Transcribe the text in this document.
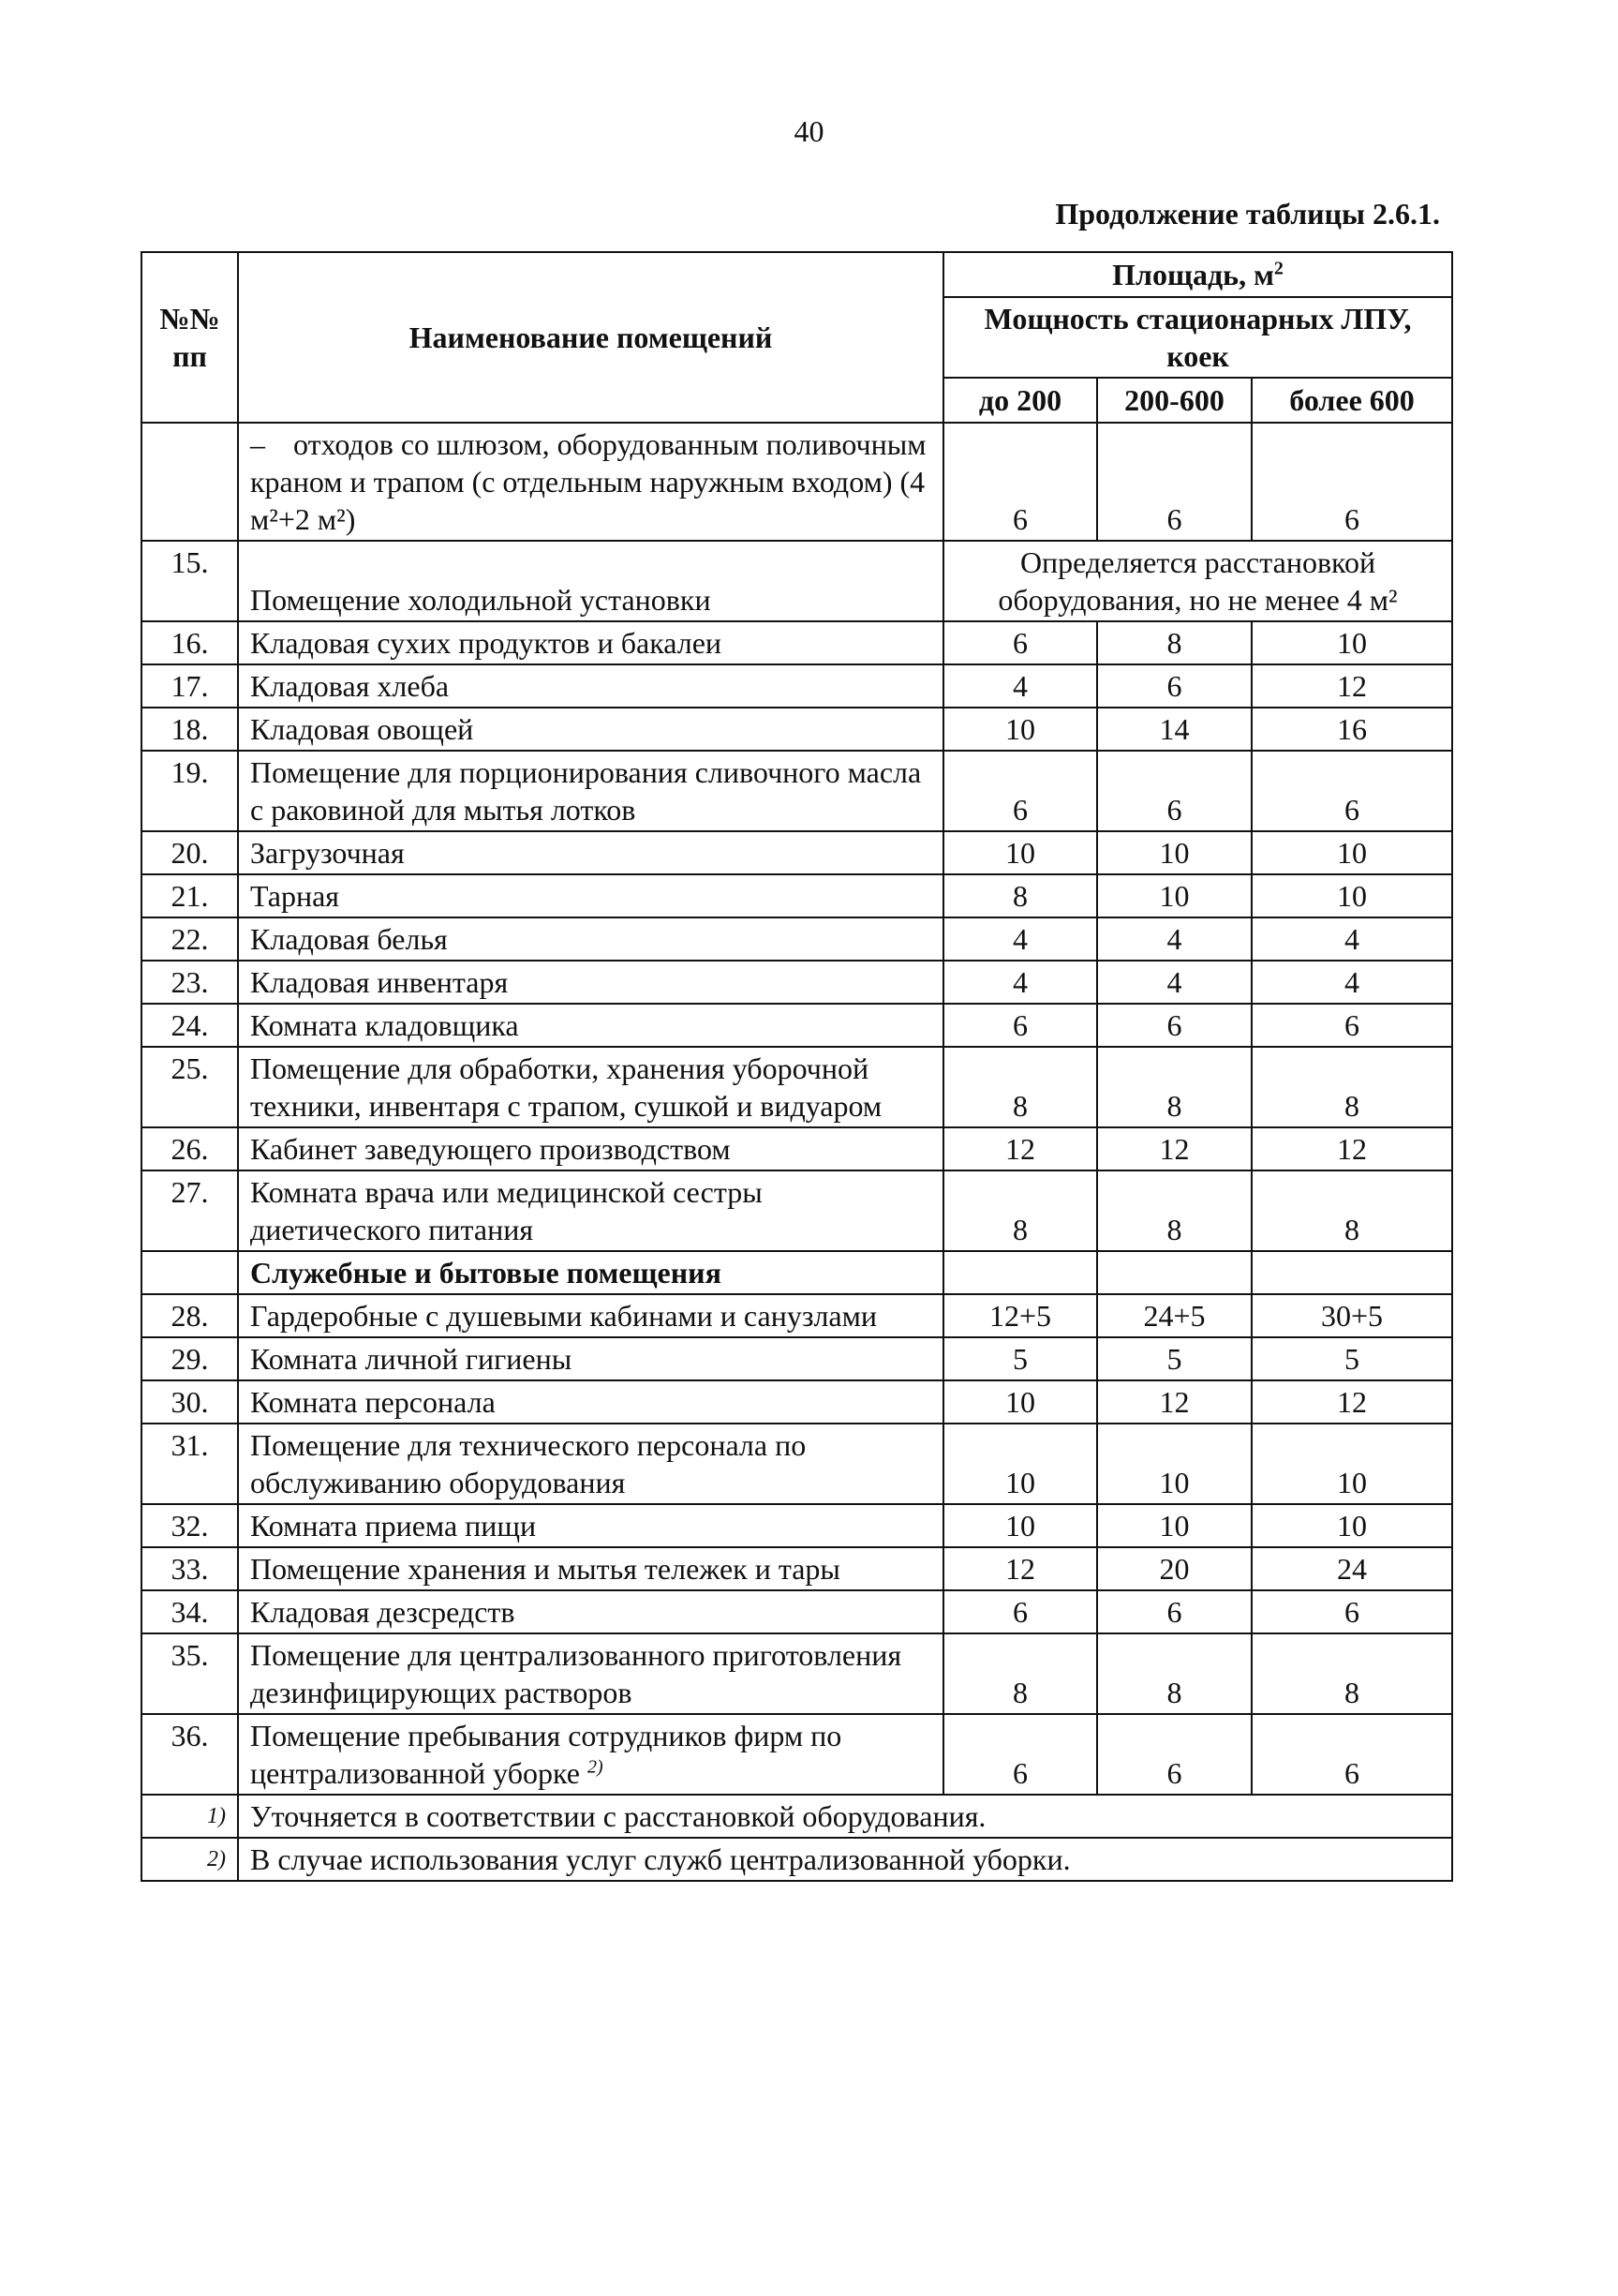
40
Продолжение таблицы 2.6.1.
№№ пп	Наименование помещений	Площадь, $м^2$
		Мощность стационарных ЛПУ, коек		
		до 200	200-600	более 600
	– отходов со шлюзом, оборудованным поливочным краном и трапом (с отдельным наружным входом) (4 м²+2 м²)	6	6	6
15.	Помещение холодильной установки	Определяется расстановкой оборудования, но не менее 4 м²		
16.	Кладовая сухих продуктов и бакалеи	6	8	10
17.	Кладовая хлеба	4	6	12
18.	Кладовая овощей	10	14	16
19.	Помещение для порционирования сливочного масла с раковиной для мытья лотков	6	6	6
20.	Загрузочная	10	10	10
21.	Тарная	8	10	10
22.	Кладовая белья	4	4	4
23.	Кладовая инвентаря	4	4	4
24.	Комната кладовщика	6	6	6
25.	Помещение для обработки, хранения уборочной техники, инвентаря с трапом, сушкой и видуаром	8	8	8
26.	Кабинет заведующего производством	12	12	12
27.	Комната врача или медицинской сестры диетического питания	8	8	8
	Служебные и бытовые помещения			
28.	Гардеробные с душевыми кабинами и санузлами	12+5	24+5	30+5
29.	Комната личной гигиены	5	5	5
30.	Комната персонала	10	12	12
31.	Помещение для технического персонала по обслуживанию оборудования	10	10	10
32.	Комната приема пищи	10	10	10
33.	Помещение хранения и мытья тележек и тары	12	20	24
34.	Кладовая дезсредств	6	6	6
35.	Помещение для централизованного приготовления дезинфицирующих растворов	8	8	8
36.	Помещение пребывания сотрудников фирм по централизованной уборке $^{2)}$	6	6	6
1)	Уточняется в соответствии с расстановкой оборудования.			
2)	В случае использования услуг служб централизованной уборки.			
